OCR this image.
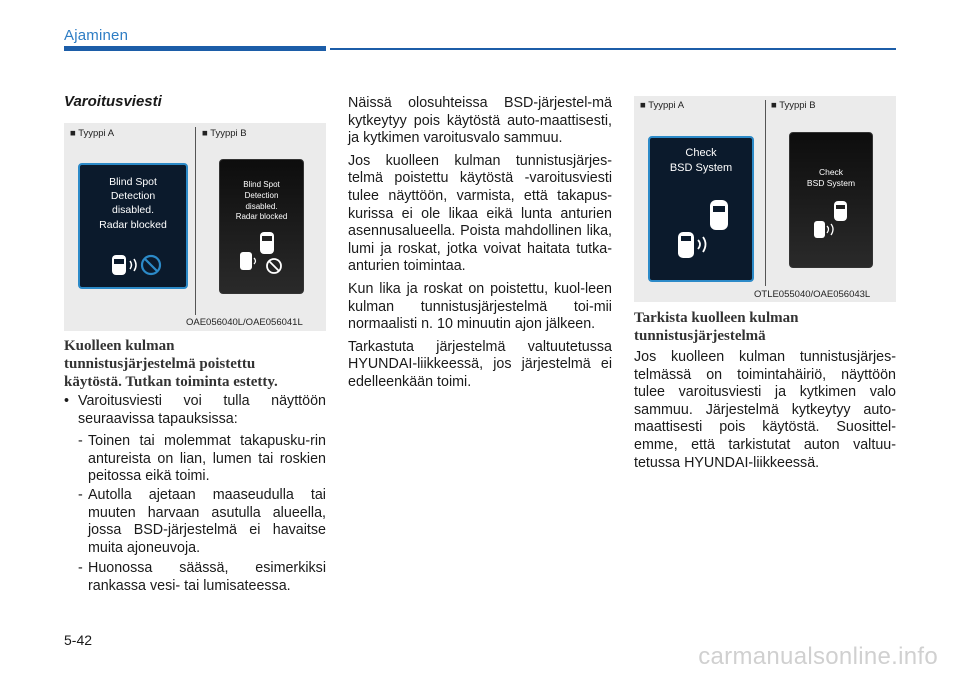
Ajaminen
Varoitusviesti
■ Tyyppi A	■ Tyyppi B
Blind Spot
Detection
disabled.
Radar blocked
Blind Spot
Detection
disabled.
Radar blocked
OAE056040L/OAE056041L
Kuolleen kulman
tunnistusjärjestelmä poistettu
käytöstä. Tutkan toiminta estetty.
• Varoitusviesti voi tulla näyttöön seuraavissa tapauksissa:
- Toinen tai molemmat takapusku-rin antureista on lian, lumen tai roskien peitossa eikä toimi.
- Autolla ajetaan maaseudulla tai muuten harvaan asutulla alueella, jossa BSD-järjestelmä ei havaitse muita ajoneuvoja.
- Huonossa säässä, esimerkiksi rankassa vesi- tai lumisateessa.

Näissä olosuhteissa BSD-järjestel-mä kytkeytyy pois käytöstä auto-maattisesti, ja kytkimen varoitusvalo sammuu.

Jos kuolleen kulman tunnistusjärjes-telmä poistettu käytöstä -varoitusviesti tulee näyttöön, varmista, että takapus-kurissa ei ole likaa eikä lunta anturien asennusalueella. Poista mahdollinen lika, lumi ja roskat, jotka voivat haitata tutka-anturien toimintaa.

Kun lika ja roskat on poistettu, kuol-leen kulman tunnistusjärjestelmä toi-mii normaalisti n. 10 minuutin ajon jälkeen.

Tarkastuta järjestelmä valtuutetussa HYUNDAI-liikkeessä, jos järjestelmä ei edelleenkään toimi.

■ Tyyppi A	■ Tyyppi B
Check
BSD System	Check
BSD System
OTLE055040/OAE056043L
Tarkista kuolleen kulman
tunnistusjärjestelmä

Jos kuolleen kulman tunnistusjärjes-telmässä on toimintahäiriö, näyttöön tulee varoitusviesti ja kytkimen valo sammuu. Järjestelmä kytkeytyy auto-maattisesti pois käytöstä. Suosittel-emme, että tarkistutat auton valtuu-tetussa HYUNDAI-liikkeessä.

5-42
carmanualsonline.info
